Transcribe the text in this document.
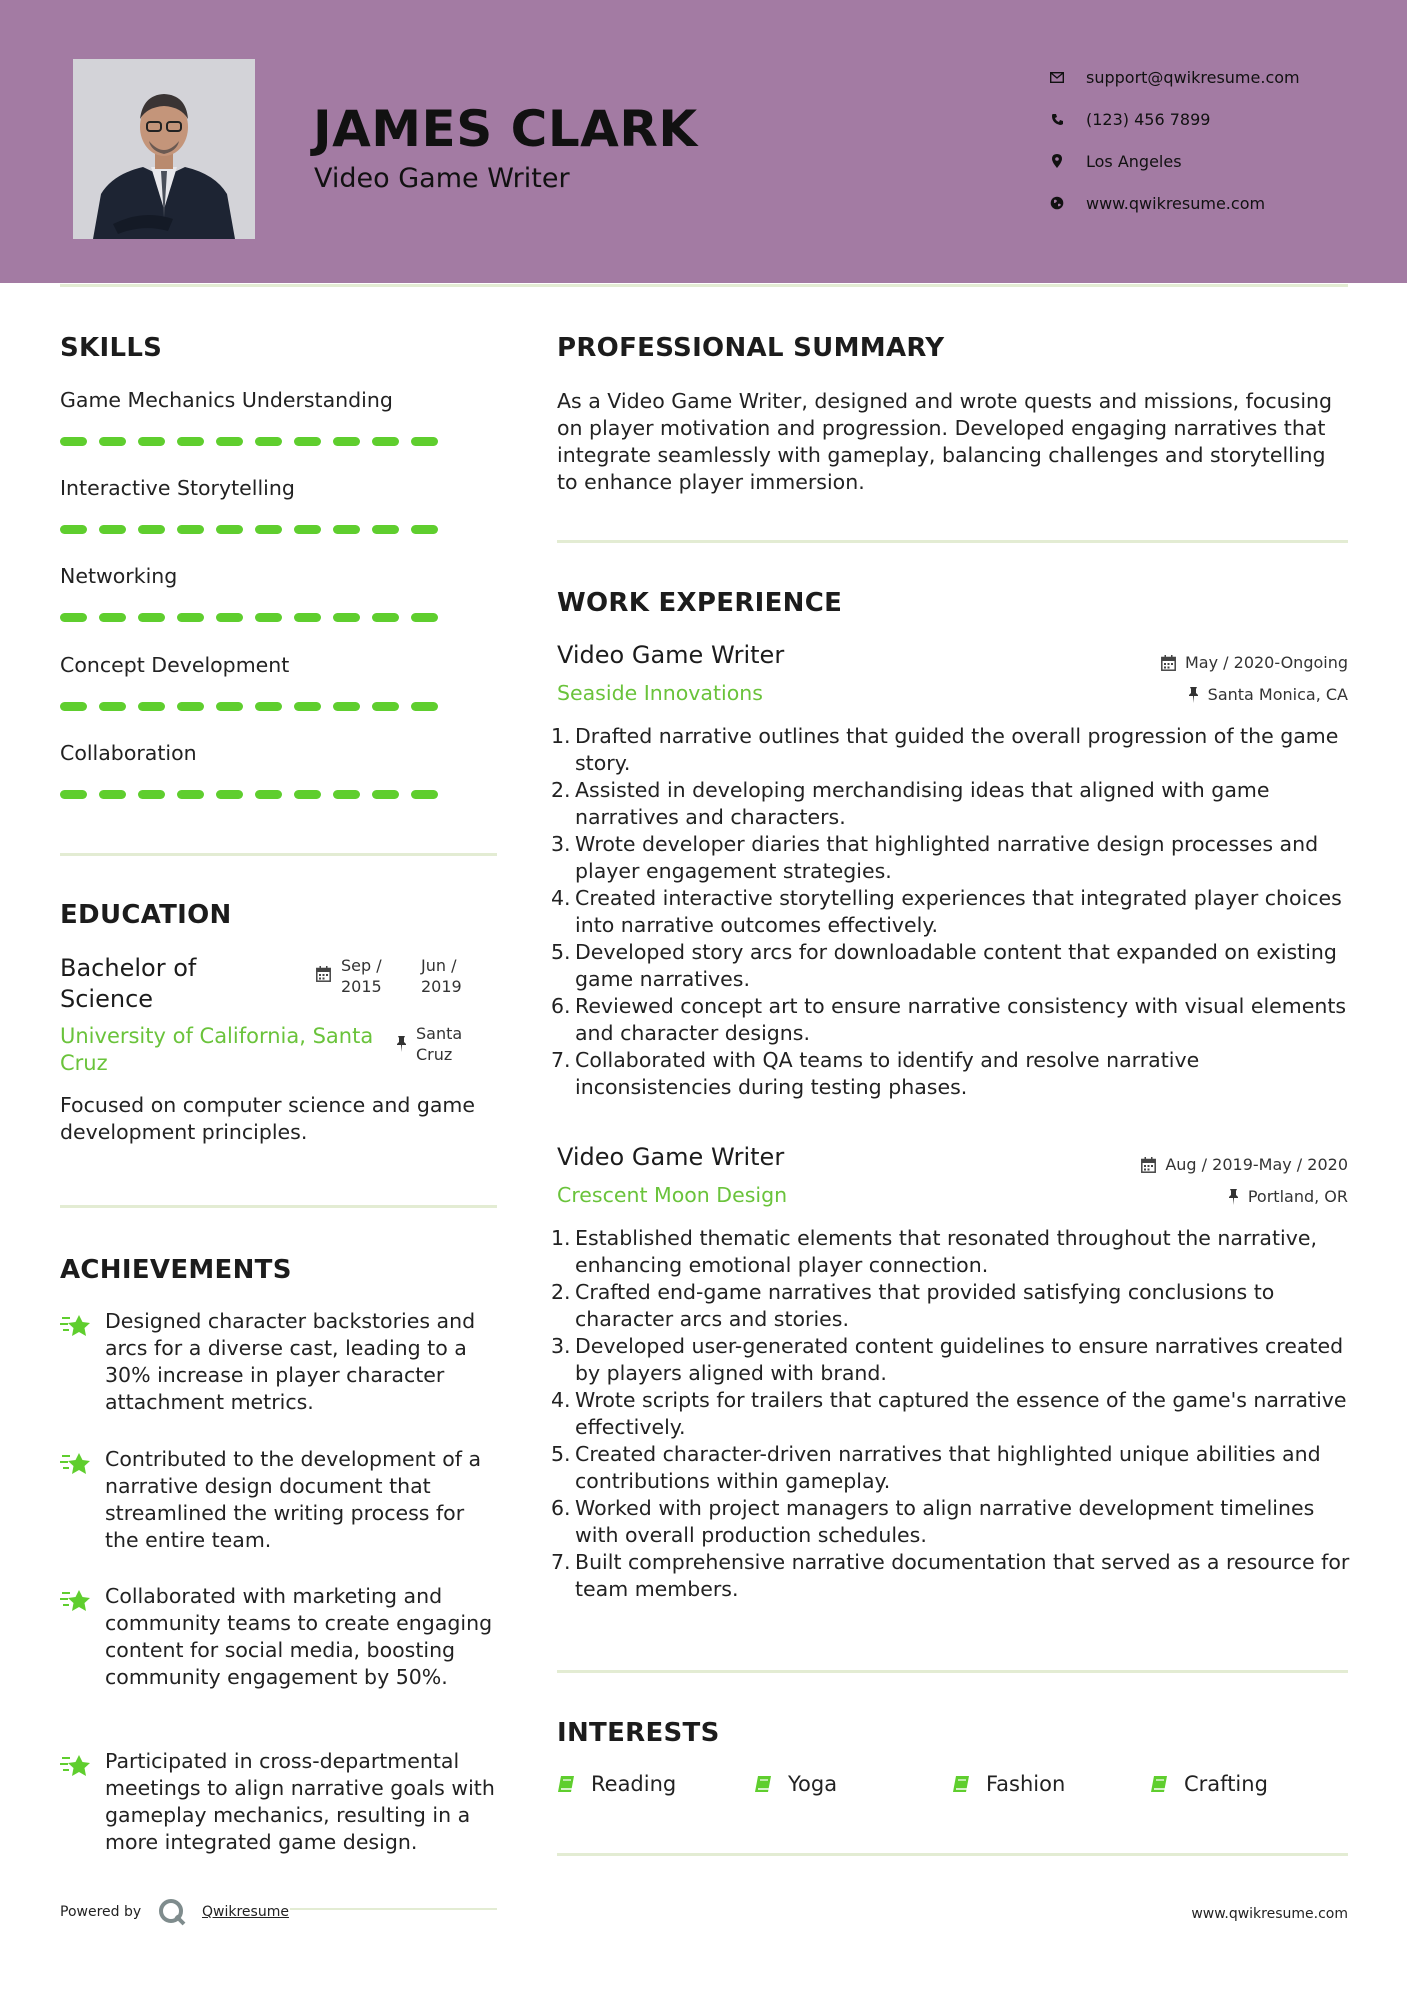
JAMES CLARK
Video Game Writer
support@qwikresume.com
(123) 456 7899
Los Angeles
www.qwikresume.com
SKILLS
Game Mechanics Understanding
Interactive Storytelling
Networking
Concept Development
Collaboration
EDUCATION
Bachelor of Science
Sep / 2015
Jun / 2019
University of California, Santa Cruz
Santa Cruz
Focused on computer science and game development principles.
ACHIEVEMENTS
Designed character backstories and arcs for a diverse cast, leading to a 30% increase in player character attachment metrics.
Contributed to the development of a narrative design document that streamlined the writing process for the entire team.
Collaborated with marketing and community teams to create engaging content for social media, boosting community engagement by 50%.
Participated in cross-departmental meetings to align narrative goals with gameplay mechanics, resulting in a more integrated game design.
PROFESSIONAL SUMMARY
As a Video Game Writer, designed and wrote quests and missions, focusing on player motivation and progression. Developed engaging narratives that integrate seamlessly with gameplay, balancing challenges and storytelling to enhance player immersion.
WORK EXPERIENCE
Video Game Writer	May / 2020-Ongoing
Seaside Innovations	Santa Monica, CA
1. Drafted narrative outlines that guided the overall progression of the game story.
2. Assisted in developing merchandising ideas that aligned with game narratives and characters.
3. Wrote developer diaries that highlighted narrative design processes and player engagement strategies.
4. Created interactive storytelling experiences that integrated player choices into narrative outcomes effectively.
5. Developed story arcs for downloadable content that expanded on existing game narratives.
6. Reviewed concept art to ensure narrative consistency with visual elements and character designs.
7. Collaborated with QA teams to identify and resolve narrative inconsistencies during testing phases.
Video Game Writer	Aug / 2019-May / 2020
Crescent Moon Design	Portland, OR
1. Established thematic elements that resonated throughout the narrative, enhancing emotional player connection.
2. Crafted end-game narratives that provided satisfying conclusions to character arcs and stories.
3. Developed user-generated content guidelines to ensure narratives created by players aligned with brand.
4. Wrote scripts for trailers that captured the essence of the game's narrative effectively.
5. Created character-driven narratives that highlighted unique abilities and contributions within gameplay.
6. Worked with project managers to align narrative development timelines with overall production schedules.
7. Built comprehensive narrative documentation that served as a resource for team members.
INTERESTS
Reading	Yoga	Fashion	Crafting
Powered by	Qwikresume	www.qwikresume.com
